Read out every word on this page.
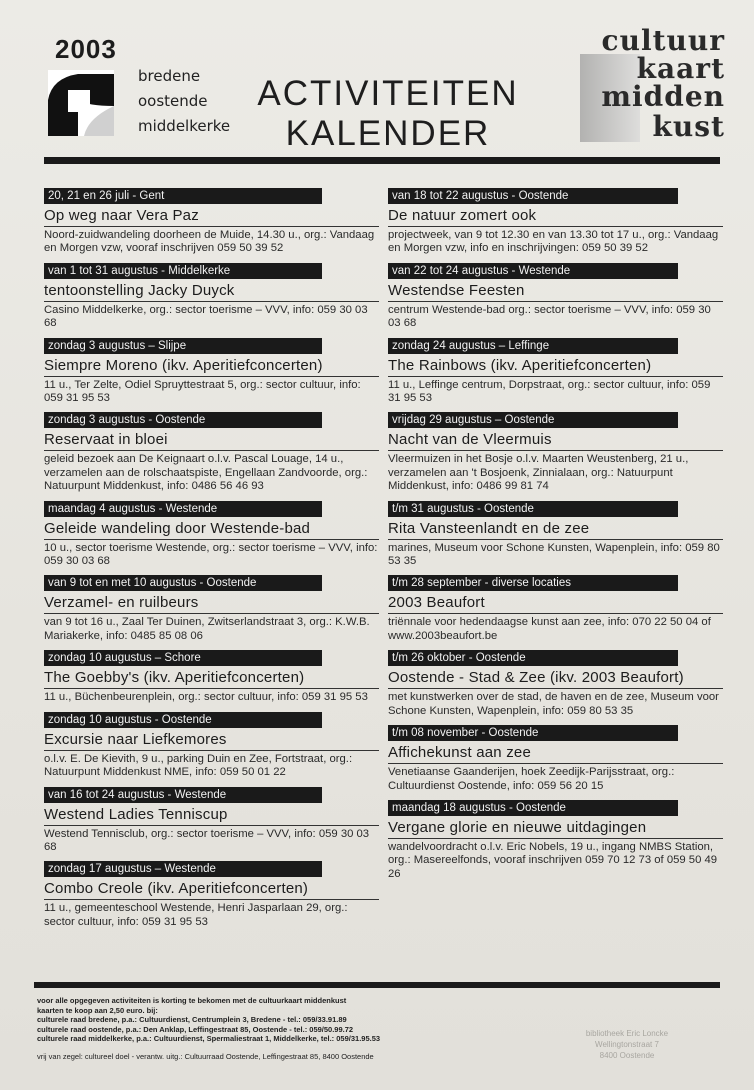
2003
bredene
oostende
middelkerke
ACTIVITEITEN
KALENDER
cultuur
kaart
midden
kust
20, 21 en 26 juli - Gent
Op weg naar Vera Paz
Noord-zuidwandeling doorheen de Muide, 14.30 u., org.: Vandaag en Morgen vzw, vooraf inschrijven 059 50 39 52
van 1 tot 31 augustus - Middelkerke
tentoonstelling Jacky Duyck
Casino Middelkerke, org.: sector toerisme – VVV, info: 059 30 03 68
zondag 3 augustus – Slijpe
Siempre Moreno (ikv. Aperitiefconcerten)
11 u., Ter Zelte, Odiel Spruyttestraat 5, org.: sector cultuur, info: 059 31 95 53
zondag 3 augustus - Oostende
Reservaat in bloei
geleid bezoek aan De Keignaart o.l.v. Pascal Louage, 14 u., verzamelen aan de rolschaatspiste, Engellaan Zandvoorde, org.: Natuurpunt Middenkust, info: 0486 56 46 93
maandag 4 augustus - Westende
Geleide wandeling door Westende-bad
10 u., sector toerisme Westende, org.: sector toerisme – VVV, info: 059 30 03 68
van 9 tot en met 10 augustus - Oostende
Verzamel- en ruilbeurs
van 9 tot 16 u., Zaal Ter Duinen, Zwitserlandstraat 3, org.: K.W.B. Mariakerke, info: 0485 85 08 06
zondag 10 augustus – Schore
The Goebby's (ikv. Aperitiefconcerten)
11 u., Büchenbeurenplein, org.: sector cultuur, info: 059 31 95 53
zondag 10 augustus - Oostende
Excursie naar Liefkemores
o.l.v. E. De Kievith, 9 u., parking Duin en Zee, Fortstraat, org.: Natuurpunt Middenkust NME, info: 059 50 01 22
van 16 tot 24 augustus - Westende
Westend Ladies Tenniscup
Westend Tennisclub, org.: sector toerisme – VVV, info: 059 30 03 68
zondag 17 augustus – Westende
Combo Creole (ikv. Aperitiefconcerten)
11 u., gemeenteschool Westende, Henri Jasparlaan 29, org.: sector cultuur, info: 059 31 95 53
van 18 tot 22 augustus - Oostende
De natuur zomert ook
projectweek, van 9 tot 12.30 en van 13.30 tot 17 u., org.: Vandaag en Morgen vzw, info en inschrijvingen: 059 50 39 52
van 22 tot 24 augustus - Westende
Westendse Feesten
centrum Westende-bad org.: sector toerisme – VVV, info: 059 30 03 68
zondag 24 augustus – Leffinge
The Rainbows (ikv. Aperitiefconcerten)
11 u., Leffinge centrum, Dorpstraat, org.: sector cultuur, info: 059 31 95 53
vrijdag 29 augustus – Oostende
Nacht van de Vleermuis
Vleermuizen in het Bosje o.l.v. Maarten Weustenberg, 21 u., verzamelen aan 't Bosjoenk, Zinnialaan, org.: Natuurpunt Middenkust, info: 0486 99 81 74
t/m 31 augustus - Oostende
Rita Vansteenlandt en de zee
marines, Museum voor Schone Kunsten, Wapenplein, info: 059 80 53 35
t/m 28 september - diverse locaties
2003 Beaufort
triënnale voor hedendaagse kunst aan zee, info: 070 22 50 04 of www.2003beaufort.be
t/m 26 oktober - Oostende
Oostende - Stad & Zee (ikv. 2003 Beaufort)
met kunstwerken over de stad, de haven en de zee, Museum voor Schone Kunsten, Wapenplein, info: 059 80 53 35
t/m 08 november - Oostende
Affichekunst aan zee
Venetiaanse Gaanderijen, hoek Zeedijk-Parijsstraat, org.: Cultuurdienst Oostende, info: 059 56 20 15
maandag 18 augustus - Oostende
Vergane glorie en nieuwe uitdagingen
wandelvoordracht o.l.v. Eric Nobels, 19 u., ingang NMBS Station, org.: Masereelfonds, vooraf inschrijven 059 70 12 73 of 059 50 49 26

voor alle opgegeven activiteiten is korting te bekomen met de cultuurkaart middenkust

kaarten te koop aan 2,50 euro. bij:

culturele raad bredene, p.a.: Cultuurdienst, Centrumplein 3, Bredene - tel.: 059/33.91.89

culturele raad oostende, p.a.: Den Anklap, Leffingestraat 85, Oostende - tel.: 059/50.99.72

culturele raad middelkerke, p.a.: Cultuurdienst, Spermaliestraat 1, Middelkerke, tel.: 059/31.95.53

vrij van zegel: cultureel doel - verantw. uitg.: Cultuurraad Oostende, Leffingestraat 85, 8400 Oostende
bibliotheek Eric Loncke
Wellingtonstraat 7
8400 Oostende
